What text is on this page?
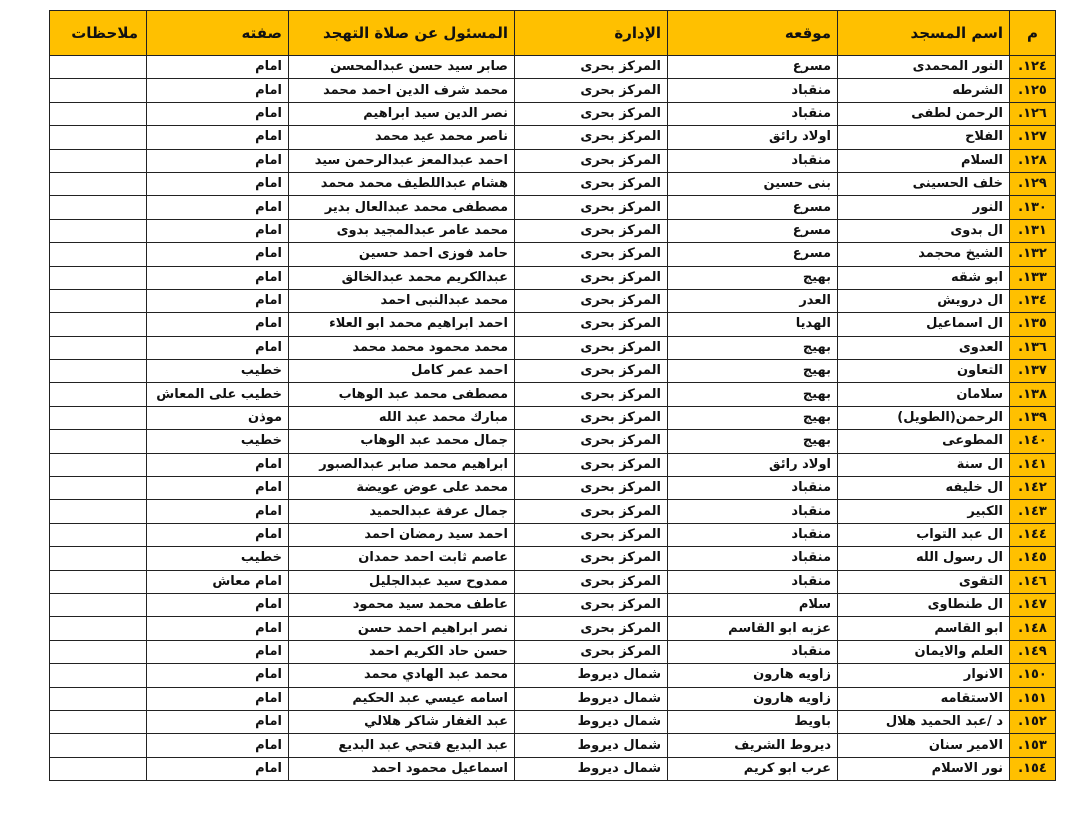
م	اسم المسجد	موقعه	الإدارة	المسئول عن صلاة التهجد	صفته	ملاحظات
١٢٤.	النور المحمدى	مسرع	المركز بحرى	صابر سيد حسن عبدالمحسن	امام	
١٢٥.	الشرطه	منقباد	المركز بحرى	محمد شرف الدين احمد محمد	امام	
١٢٦.	الرحمن لطفى	منقباد	المركز بحرى	نصر الدين سيد ابراهيم	امام	
١٢٧.	الفلاح	اولاد رائق	المركز بحرى	ناصر محمد عيد محمد	امام	
١٢٨.	السلام	منقباد	المركز بحرى	احمد عبدالمعز عبدالرحمن سيد	امام	
١٢٩.	خلف الحسينى	بنى حسين	المركز بحرى	هشام عبداللطيف محمد محمد	امام	
١٣٠.	النور	مسرع	المركز بحرى	مصطفى محمد عبدالعال بدير	امام	
١٣١.	ال بدوى	مسرع	المركز بحرى	محمد عامر عبدالمجيد بدوى	امام	
١٣٢.	الشيخ محجمد	مسرع	المركز بحرى	حامد فوزى احمد حسين	امام	
١٣٣.	ابو شقه	بهيج	المركز بحرى	عبدالكريم محمد عبدالخالق	امام	
١٣٤.	ال درويش	العدر	المركز بحرى	محمد عبدالنبى احمد	امام	
١٣٥.	ال اسماعيل	الهديا	المركز بحرى	احمد ابراهيم محمد ابو العلاء	امام	
١٣٦.	العدوى	بهيج	المركز بحرى	محمد محمود محمد محمد	امام	
١٣٧.	التعاون	بهيج	المركز بحرى	احمد عمر كامل	خطيب	
١٣٨.	سلامان	بهيج	المركز بحرى	مصطفى محمد عبد الوهاب	خطيب على المعاش	
١٣٩.	الرحمن(الطويل)	بهيج	المركز بحرى	مبارك محمد عبد الله	موذن	
١٤٠.	المطوعى	بهيج	المركز بحرى	جمال محمد عبد الوهاب	خطيب	
١٤١.	ال سنة	اولاد رائق	المركز بحرى	ابراهيم محمد صابر عبدالصبور	امام	
١٤٢.	ال خليفه	منقباد	المركز بحرى	محمد على عوض عويضة	امام	
١٤٣.	الكبير	منقباد	المركز بحرى	جمال عرفة عبدالحميد	امام	
١٤٤.	ال عبد التواب	منقباد	المركز بحرى	احمد سيد رمضان احمد	امام	
١٤٥.	ال رسول الله	منقباد	المركز بحرى	عاصم ثابت احمد حمدان	خطيب	
١٤٦.	التقوى	منقباد	المركز بحرى	ممدوح سيد عبدالجليل	امام معاش	
١٤٧.	ال طنطاوى	سلام	المركز بحرى	عاطف محمد سيد محمود	امام	
١٤٨.	ابو القاسم	عزبه ابو القاسم	المركز بحرى	نصر ابراهيم احمد حسن	امام	
١٤٩.	العلم والايمان	منقباد	المركز بحرى	حسن حاد الكريم احمد	امام	
١٥٠.	الانوار	زاويه هارون	شمال ديروط	محمد عبد الهادي محمد	امام	
١٥١.	الاستقامه	زاويه هارون	شمال ديروط	اسامه عيسي عبد الحكيم	امام	
١٥٢.	د /عبد الحميد هلال	باويط	شمال ديروط	عبد الغفار شاكر هلالي	امام	
١٥٣.	الامير سنان	ديروط الشريف	شمال ديروط	عبد البديع فتحي عبد البديع	امام	
١٥٤.	نور الاسلام	عرب ابو كريم	شمال ديروط	اسماعيل محمود احمد	امام	
